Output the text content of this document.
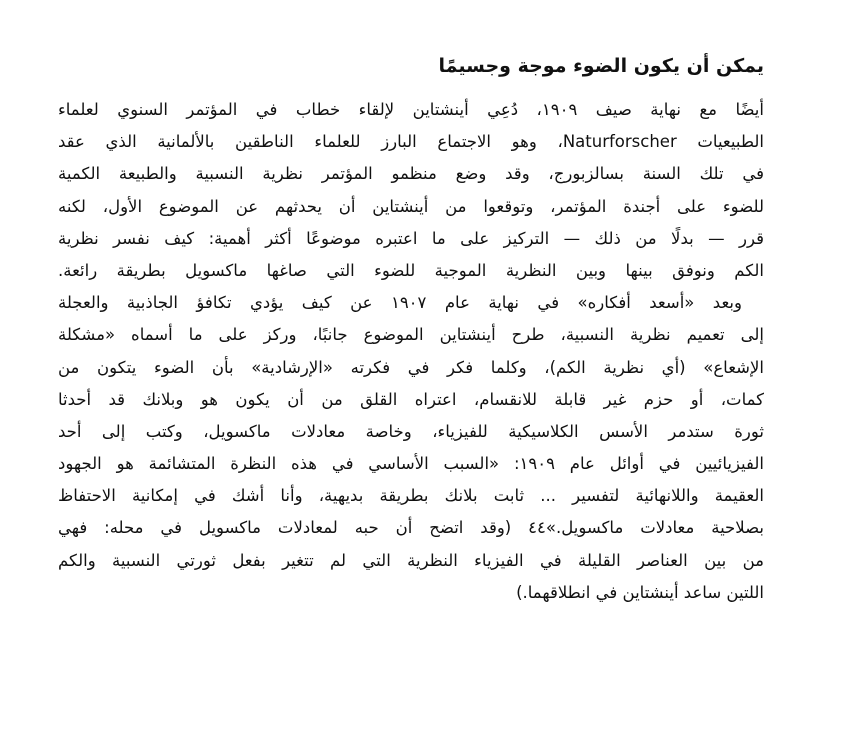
يمكن أن يكون الضوء موجة وجسيمًا
أيضًا مع نهاية صيف ١٩٠٩، دُعِي أينشتاين لإلقاء خطاب في المؤتمر السنوي لعلماء
الطبيعيات Naturforscher، وهو الاجتماع البارز للعلماء الناطقين بالألمانية الذي عقد
في تلك السنة بسالزبورج، وقد وضع منظمو المؤتمر نظرية النسبية والطبيعة الكمية
للضوء على أجندة المؤتمر، وتوقعوا من أينشتاين أن يحدثهم عن الموضوع الأول، لكنه
قرر — بدلًا من ذلك — التركيز على ما اعتبره موضوعًا أكثر أهمية: كيف نفسر نظرية
الكم ونوفق بينها وبين النظرية الموجية للضوء التي صاغها ماكسويل بطريقة رائعة.
وبعد «أسعد أفكاره» في نهاية عام ١٩٠٧ عن كيف يؤدي تكافؤ الجاذبية والعجلة
إلى تعميم نظرية النسبية، طرح أينشتاين الموضوع جانبًا، وركز على ما أسماه «مشكلة
الإشعاع» (أي نظرية الكم)، وكلما فكر في فكرته «الإرشادية» بأن الضوء يتكون من
كمات، أو حزم غير قابلة للانقسام، اعتراه القلق من أن يكون هو وبلانك قد أحدثا
ثورة ستدمر الأسس الكلاسيكية للفيزياء، وخاصة معادلات ماكسويل، وكتب إلى أحد
الفيزيائيين في أوائل عام ١٩٠٩: «السبب الأساسي في هذه النظرة المتشائمة هو الجهود
العقيمة واللانهائية لتفسير ... ثابت بلانك بطريقة بديهية، وأنا أشك في إمكانية الاحتفاظ
بصلاحية معادلات ماكسويل.»٤٤ (وقد اتضح أن حبه لمعادلات ماكسويل في محله: فهي
من بين العناصر القليلة في الفيزياء النظرية التي لم تتغير بفعل ثورتي النسبية والكم
اللتين ساعد أينشتاين في انطلاقهما.)
